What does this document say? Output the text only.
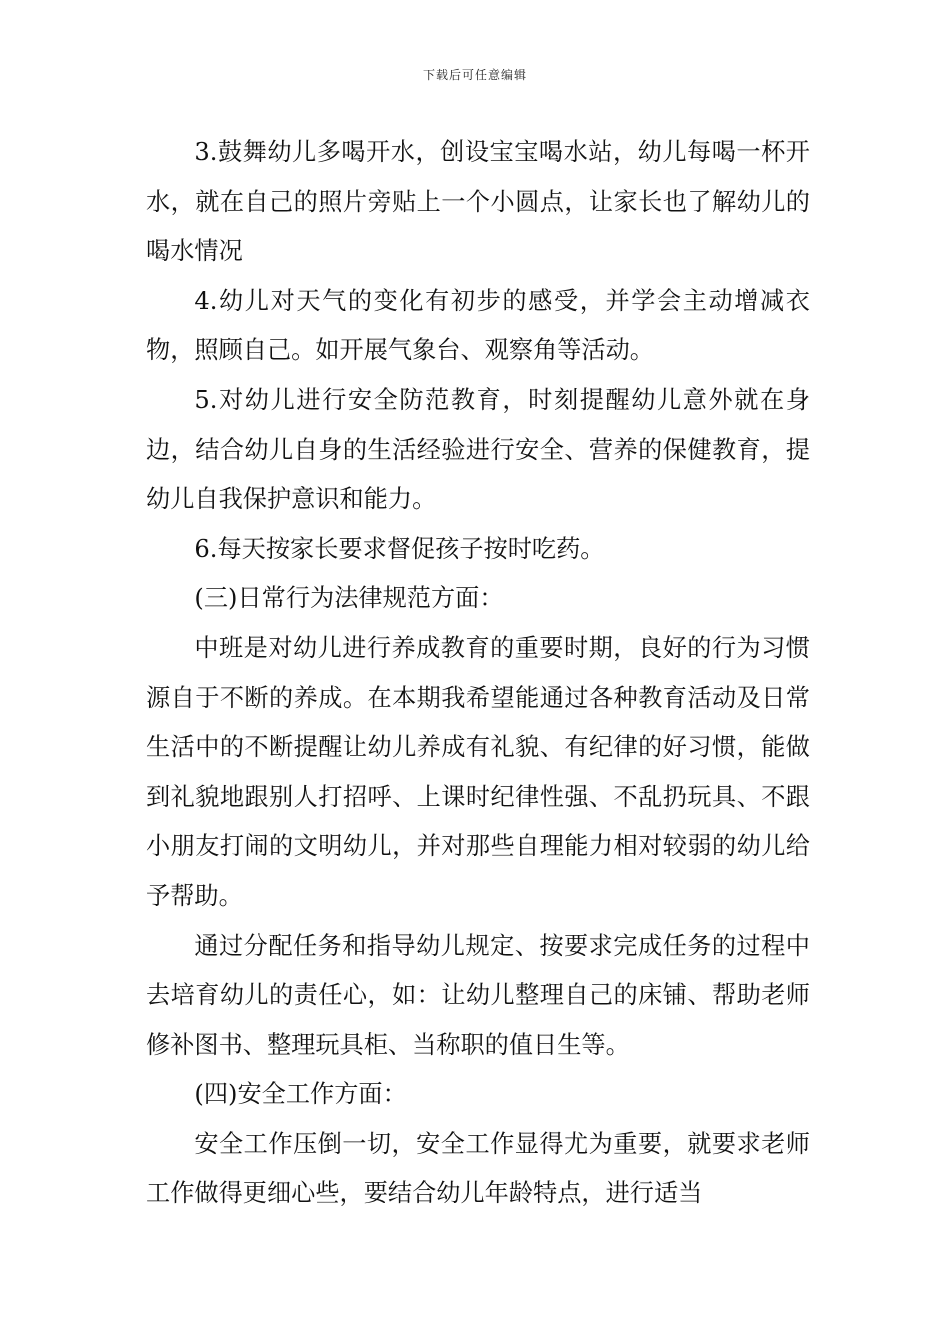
下载后可任意编辑

3.鼓舞幼儿多喝开水，创设宝宝喝水站，幼儿每喝一杯开水，就在自己的照片旁贴上一个小圆点，让家长也了解幼儿的喝水情况

4.幼儿对天气的变化有初步的感受，并学会主动增减衣物，照顾自己。如开展气象台、观察角等活动。

5.对幼儿进行安全防范教育，时刻提醒幼儿意外就在身边，结合幼儿自身的生活经验进行安全、营养的保健教育，提幼儿自我保护意识和能力。

6.每天按家长要求督促孩子按时吃药。

(三)日常行为法律规范方面：

中班是对幼儿进行养成教育的重要时期，良好的行为习惯源自于不断的养成。在本期我希望能通过各种教育活动及日常生活中的不断提醒让幼儿养成有礼貌、有纪律的好习惯，能做到礼貌地跟别人打招呼、上课时纪律性强、不乱扔玩具、不跟小朋友打闹的文明幼儿，并对那些自理能力相对较弱的幼儿给予帮助。

通过分配任务和指导幼儿规定、按要求完成任务的过程中去培育幼儿的责任心，如：让幼儿整理自己的床铺、帮助老师修补图书、整理玩具柜、当称职的值日生等。

(四)安全工作方面：

安全工作压倒一切，安全工作显得尤为重要，就要求老师工作做得更细心些，要结合幼儿年龄特点，进行适当
